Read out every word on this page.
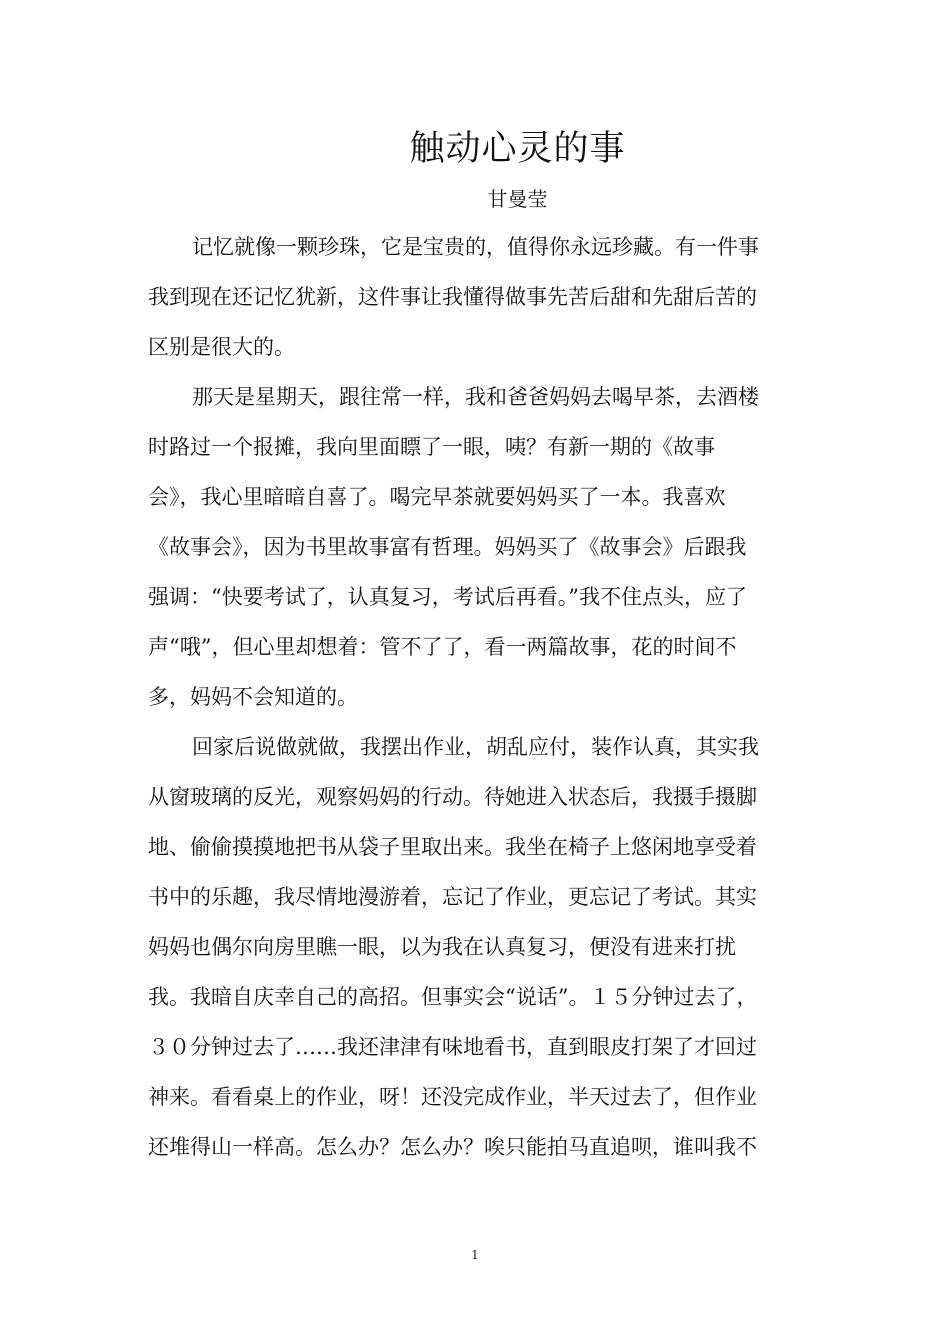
触动心灵的事
甘曼莹
记忆就像一颗珍珠，它是宝贵的，值得你永远珍藏。有一件事
我到现在还记忆犹新，这件事让我懂得做事先苦后甜和先甜后苦的
区别是很大的。
那天是星期天，跟往常一样，我和爸爸妈妈去喝早茶，去酒楼
时路过一个报摊，我向里面瞟了一眼，咦？有新一期的《故事
会》，我心里暗暗自喜了。喝完早茶就要妈妈买了一本。我喜欢
《故事会》，因为书里故事富有哲理。妈妈买了《故事会》后跟我
强调：“快要考试了，认真复习，考试后再看。”我不住点头，应了
声“哦”，但心里却想着：管不了了，看一两篇故事，花的时间不
多，妈妈不会知道的。
回家后说做就做，我摆出作业，胡乱应付，装作认真，其实我
从窗玻璃的反光，观察妈妈的行动。待她进入状态后，我摄手摄脚
地、偷偷摸摸地把书从袋子里取出来。我坐在椅子上悠闲地享受着
书中的乐趣，我尽情地漫游着，忘记了作业，更忘记了考试。其实
妈妈也偶尔向房里瞧一眼，以为我在认真复习，便没有进来打扰
我。我暗自庆幸自己的高招。但事实会“说话”。１５分钟过去了，
３０分钟过去了……我还津津有味地看书，直到眼皮打架了才回过
神来。看看桌上的作业，呀！还没完成作业，半天过去了，但作业
还堆得山一样高。怎么办？怎么办？唉只能拍马直追呗，谁叫我不
1
